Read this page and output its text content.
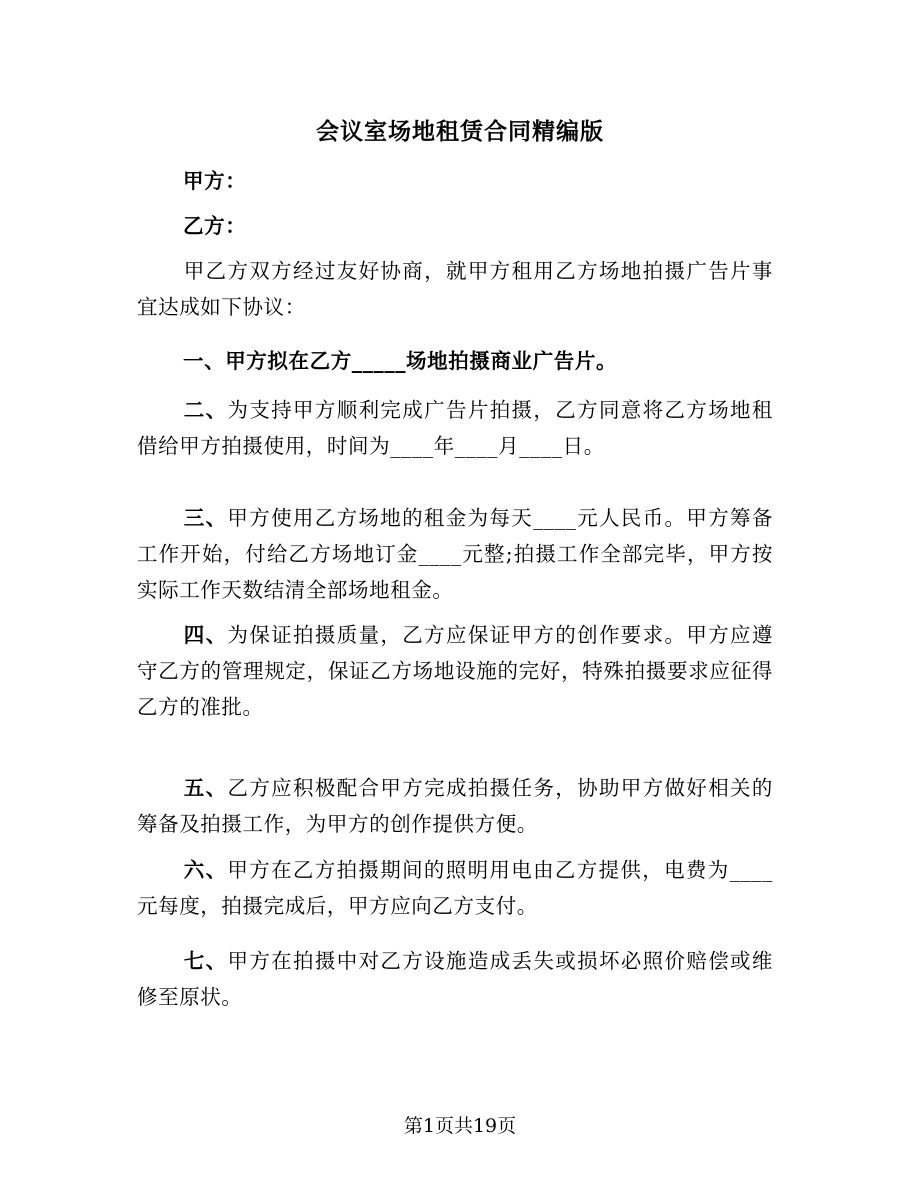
会议室场地租赁合同精编版
甲方：
乙方：
甲乙方双方经过友好协商，就甲方租用乙方场地拍摄广告片事宜达成如下协议：
一、甲方拟在乙方_____场地拍摄商业广告片。
二、为支持甲方顺利完成广告片拍摄，乙方同意将乙方场地租借给甲方拍摄使用，时间为____年____月____日。
三、甲方使用乙方场地的租金为每天____元人民币。甲方筹备工作开始，付给乙方场地订金____元整;拍摄工作全部完毕，甲方按实际工作天数结清全部场地租金。
四、为保证拍摄质量，乙方应保证甲方的创作要求。甲方应遵守乙方的管理规定，保证乙方场地设施的完好，特殊拍摄要求应征得乙方的准批。
五、乙方应积极配合甲方完成拍摄任务，协助甲方做好相关的筹备及拍摄工作，为甲方的创作提供方便。
六、甲方在乙方拍摄期间的照明用电由乙方提供，电费为____元每度，拍摄完成后，甲方应向乙方支付。
七、甲方在拍摄中对乙方设施造成丢失或损坏必照价赔偿或维修至原状。
第1页共19页
